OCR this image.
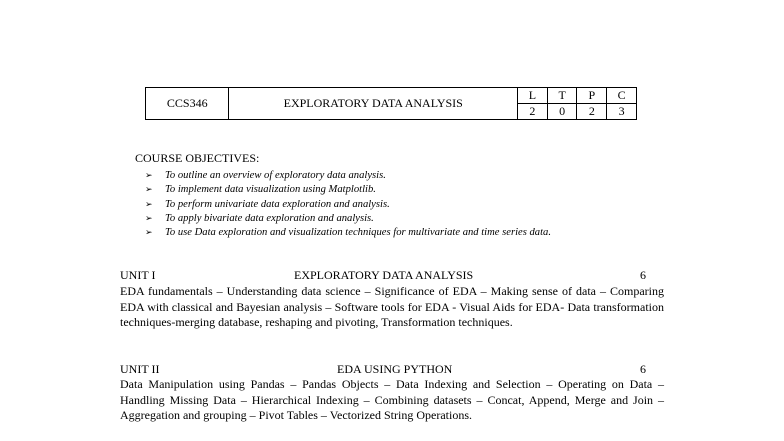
CCS346	EXPLORATORY DATA ANALYSIS	L	T	P	C
		2	0	2	3
COURSE OBJECTIVES:
➢ To outline an overview of exploratory data analysis.
➢ To implement data visualization using Matplotlib.
➢ To perform univariate data exploration and analysis.
➢ To apply bivariate data exploration and analysis.
➢ To use Data exploration and visualization techniques for multivariate and time series data.
UNIT I	EXPLORATORY DATA ANALYSIS	6
EDA fundamentals – Understanding data science – Significance of EDA – Making sense of data – Comparing EDA with classical and Bayesian analysis – Software tools for EDA - Visual Aids for EDA- Data transformation techniques-merging database, reshaping and pivoting, Transformation techniques.
UNIT II	EDA USING PYTHON	6
Data Manipulation using Pandas – Pandas Objects – Data Indexing and Selection – Operating on Data – Handling Missing Data – Hierarchical Indexing – Combining datasets – Concat, Append, Merge and Join – Aggregation and grouping – Pivot Tables – Vectorized String Operations.
